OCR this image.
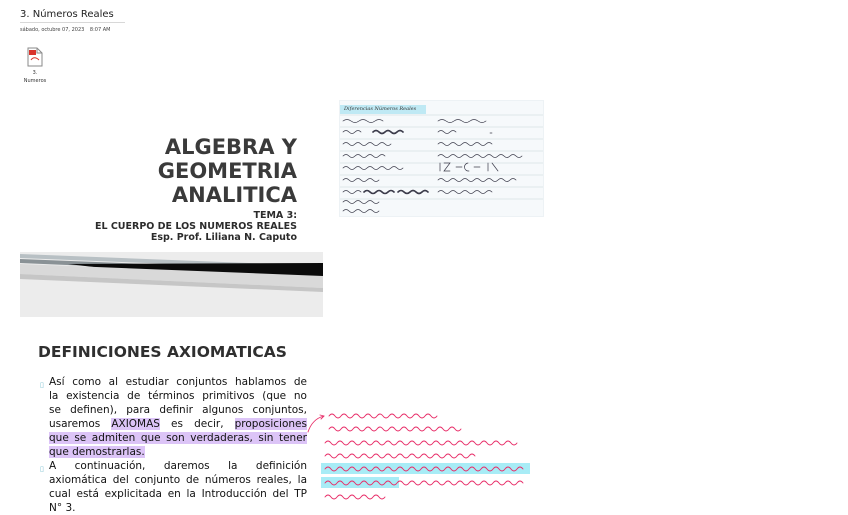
3. Números Reales
sábado, octubre 07, 2023 8:07 AM
3.
Numeros
Diferencias Números Reales
ALGEBRA Y
GEOMETRIA
ANALITICA
TEMA 3:
EL CUERPO DE LOS NUMEROS REALES
Esp. Prof. Liliana N. Caputo
DEFINICIONES AXIOMATICAS
▯ Así como al estudiar conjuntos hablamos de
la existencia de términos primitivos (que no
se definen), para definir algunos conjuntos,
usaremos AXIOMAS es decir, proposiciones
que se admiten que son verdaderas, sin tener
que demostrarlas.
▯ A continuación, daremos la definición
axiomática del conjunto de números reales, la
cual está explicitada en la Introducción del TP
N° 3.
